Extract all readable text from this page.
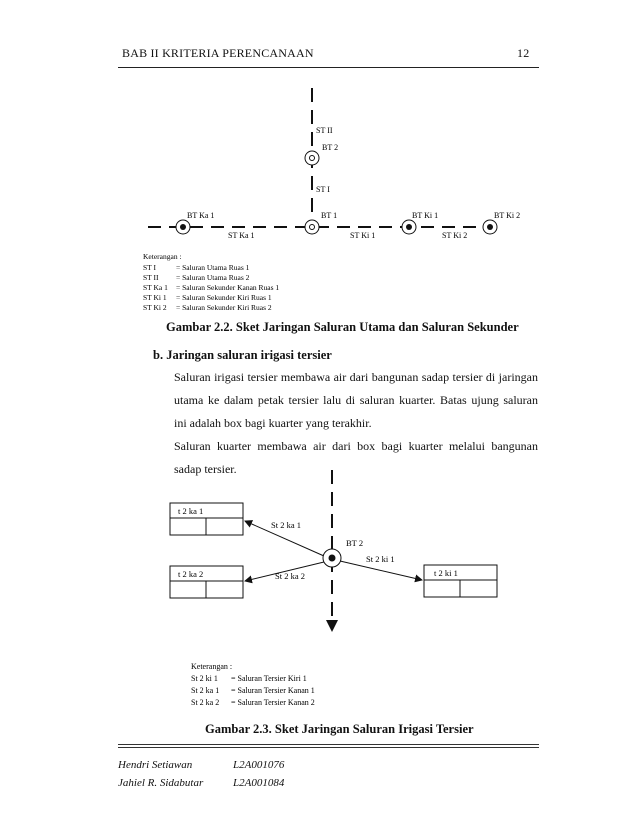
BAB II KRITERIA PERENCANAAN	12
ST II
BT 2
ST I
BT Ka 1	BT 1	BT Ki 1	BT Ki 2
ST Ka 1	ST Ki 1	ST Ki 2
Keterangan :
ST I	= Saluran Utama Ruas 1
ST II = Saluran Utama Ruas 2
ST Ka 1 = Saluran Sekunder Kanan Ruas 1
ST Ki 1 = Saluran Sekunder Kiri Ruas 1
ST Ki 2 = Saluran Sekunder Kiri Ruas 2
Gambar 2.2. Sket Jaringan Saluran Utama dan Saluran Sekunder
b. Jaringan saluran irigasi tersier
Saluran irigasi tersier membawa air dari bangunan sadap tersier di jaringan
utama ke dalam petak tersier lalu di saluran kuarter. Batas ujung saluran
ini adalah box bagi kuarter yang terakhir.
Saluran kuarter membawa air dari box bagi kuarter melalui bangunan
sadap tersier.
t 2 ka 1
t 2 ka 2	t 2 ki 1
St 2 ka 1
St 2 ka 2
St 2 ki 1
BT 2
Keterangan :
St 2 ki 1 = Saluran Tersier Kiri 1
St 2 ka 1 = Saluran Tersier Kanan 1
St 2 ka 2 = Saluran Tersier Kanan 2
Gambar 2.3. Sket Jaringan Saluran Irigasi Tersier
Hendri Setiawan	L2A001076
Jahiel R. Sidabutar	L2A001084
